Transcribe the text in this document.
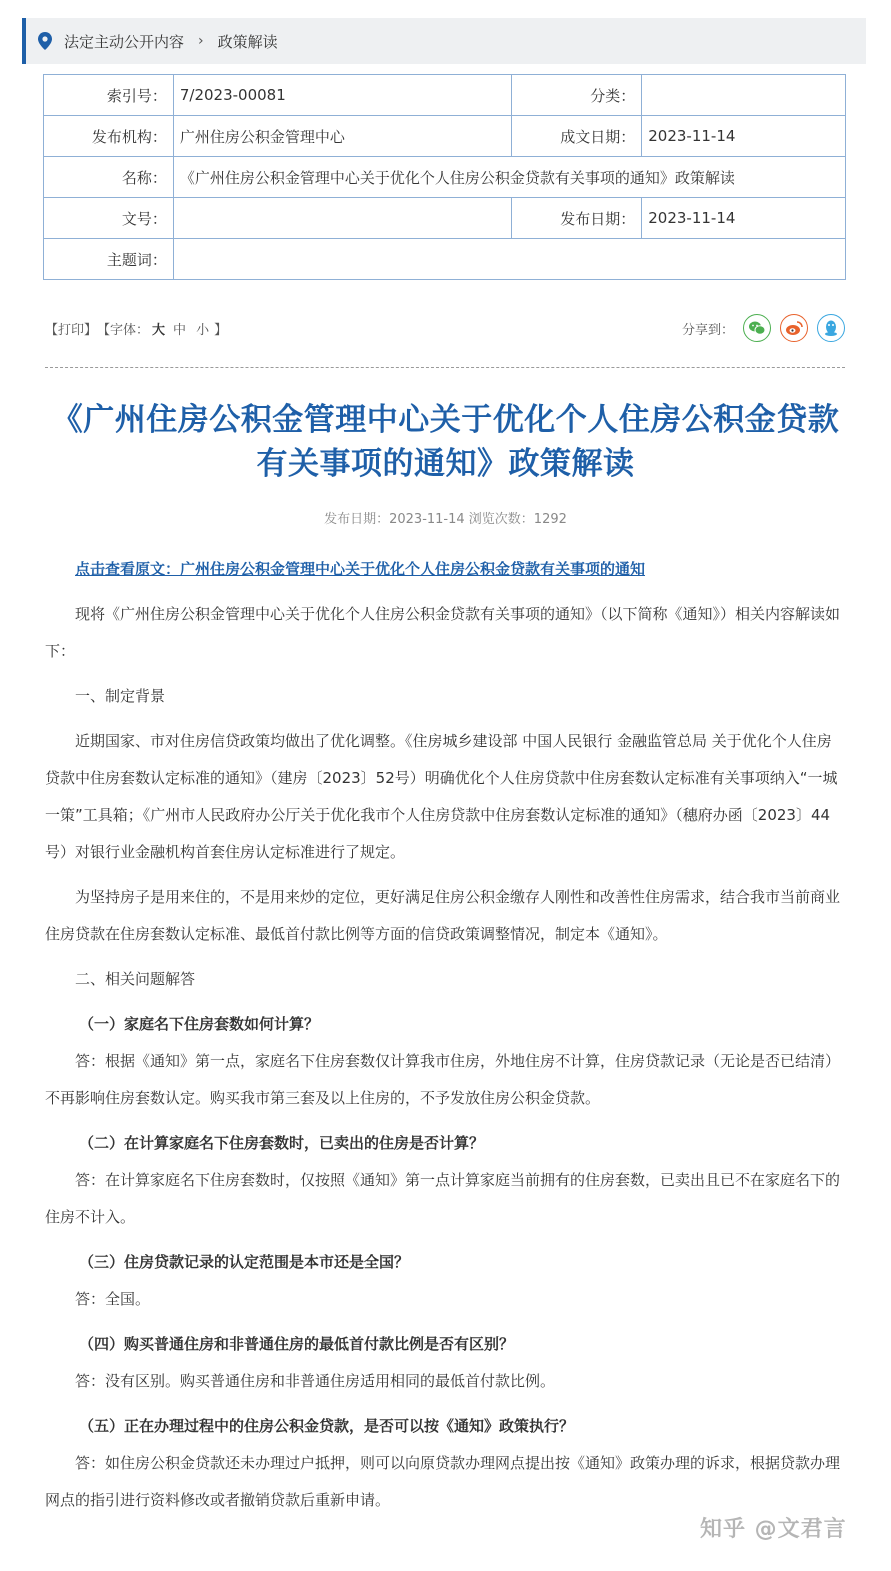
法定主动公开内容 › 政策解读
索引号：	7/2023-00081	分类：	
发布机构：	广州住房公积金管理中心	成文日期：	2023-11-14
名称：	《广州住房公积金管理中心关于优化个人住房公积金贷款有关事项的通知》政策解读		
文号：		发布日期：	2023-11-14
主题词：			
【打印】 【字体： 大 中 小 】	分享到：
《广州住房公积金管理中心关于优化个人住房公积金贷款
有关事项的通知》政策解读
发布日期：2023-11-14 浏览次数：1292
点击查看原文：广州住房公积金管理中心关于优化个人住房公积金贷款有关事项的通知

现将《广州住房公积金管理中心关于优化个人住房公积金贷款有关事项的通知》（以下简称《通知》）相关内容解读如下：

一、制定背景

近期国家、市对住房信贷政策均做出了优化调整。《住房城乡建设部 中国人民银行 金融监管总局 关于优化个人住房贷款中住房套数认定标准的通知》（建房〔2023〕52号）明确优化个人住房贷款中住房套数认定标准有关事项纳入“一城一策”工具箱；《广州市人民政府办公厅关于优化我市个人住房贷款中住房套数认定标准的通知》（穗府办函〔2023〕44号）对银行业金融机构首套住房认定标准进行了规定。

为坚持房子是用来住的，不是用来炒的定位，更好满足住房公积金缴存人刚性和改善性住房需求，结合我市当前商业住房贷款在住房套数认定标准、最低首付款比例等方面的信贷政策调整情况，制定本《通知》。

二、相关问题解答

（一）家庭名下住房套数如何计算？

答：根据《通知》第一点，家庭名下住房套数仅计算我市住房，外地住房不计算，住房贷款记录（无论是否已结清）不再影响住房套数认定。购买我市第三套及以上住房的，不予发放住房公积金贷款。

（二）在计算家庭名下住房套数时，已卖出的住房是否计算？

答：在计算家庭名下住房套数时，仅按照《通知》第一点计算家庭当前拥有的住房套数，已卖出且已不在家庭名下的住房不计入。

（三）住房贷款记录的认定范围是本市还是全国？

答：全国。

（四）购买普通住房和非普通住房的最低首付款比例是否有区别？

答：没有区别。购买普通住房和非普通住房适用相同的最低首付款比例。

（五）正在办理过程中的住房公积金贷款，是否可以按《通知》政策执行？

答：如住房公积金贷款还未办理过户抵押，则可以向原贷款办理网点提出按《通知》政策办理的诉求，根据贷款办理网点的指引进行资料修改或者撤销贷款后重新申请。

知乎 @文君言
